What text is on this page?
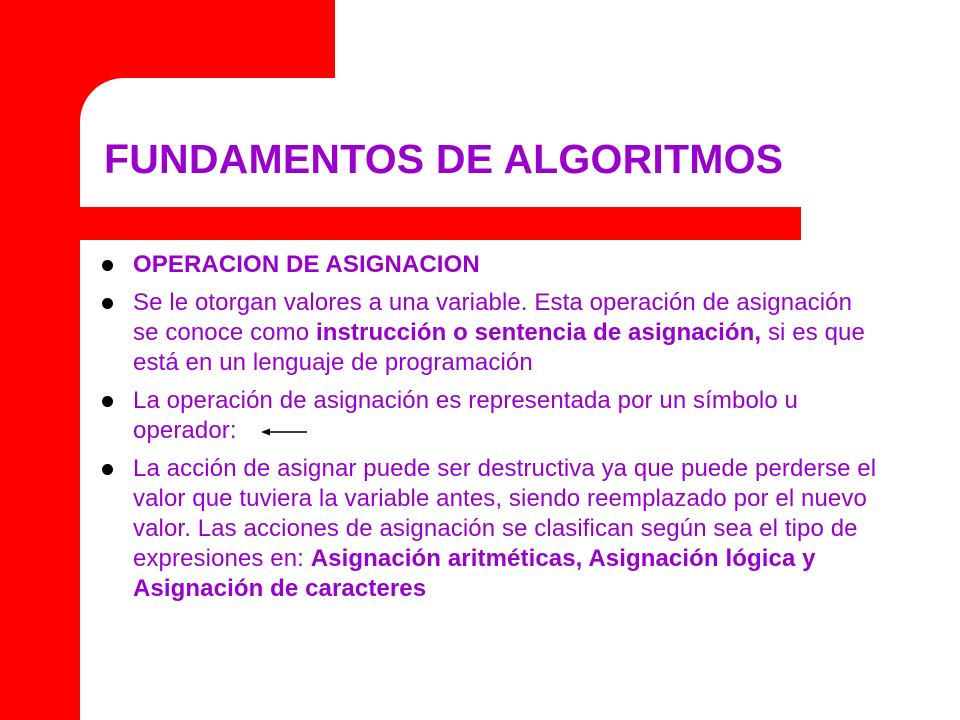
FUNDAMENTOS DE ALGORITMOS
OPERACION DE ASIGNACION
Se le otorgan valores a una variable. Esta operación de asignación se conoce como instrucción o sentencia de asignación, si es que está en un lenguaje de programación
La operación de asignación es representada por un símbolo u operador:
La acción de asignar puede ser destructiva ya que puede perderse el valor que tuviera la variable antes, siendo reemplazado por el nuevo valor. Las acciones de asignación se clasifican según sea el tipo de expresiones en: Asignación aritméticas, Asignación lógica y Asignación de caracteres
